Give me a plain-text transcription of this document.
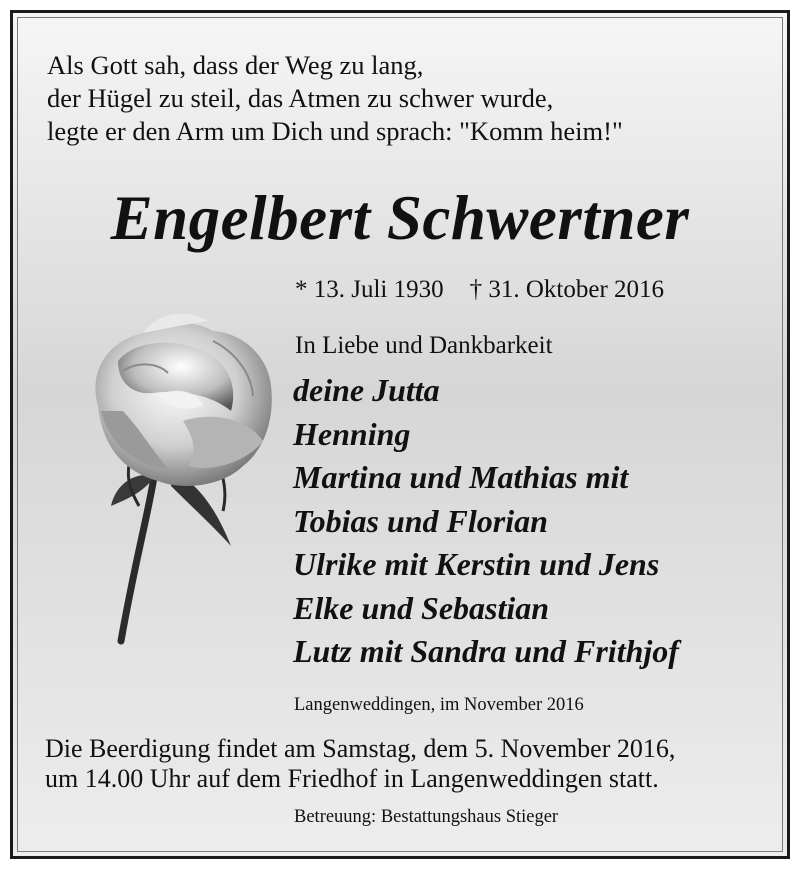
Als Gott sah, dass der Weg zu lang,
der Hügel zu steil, das Atmen zu schwer wurde,
legte er den Arm um Dich und sprach: "Komm heim!"
Engelbert Schwertner
* 13. Juli 1930 † 31. Oktober 2016
In Liebe und Dankbarkeit
deine Jutta
Henning
Martina und Mathias mit
Tobias und Florian
Ulrike mit Kerstin und Jens
Elke und Sebastian
Lutz mit Sandra und Frithjof
Langenweddingen, im November 2016
Die Beerdigung findet am Samstag, dem 5. November 2016,
um 14.00 Uhr auf dem Friedhof in Langenweddingen statt.
Betreuung: Bestattungshaus Stieger
